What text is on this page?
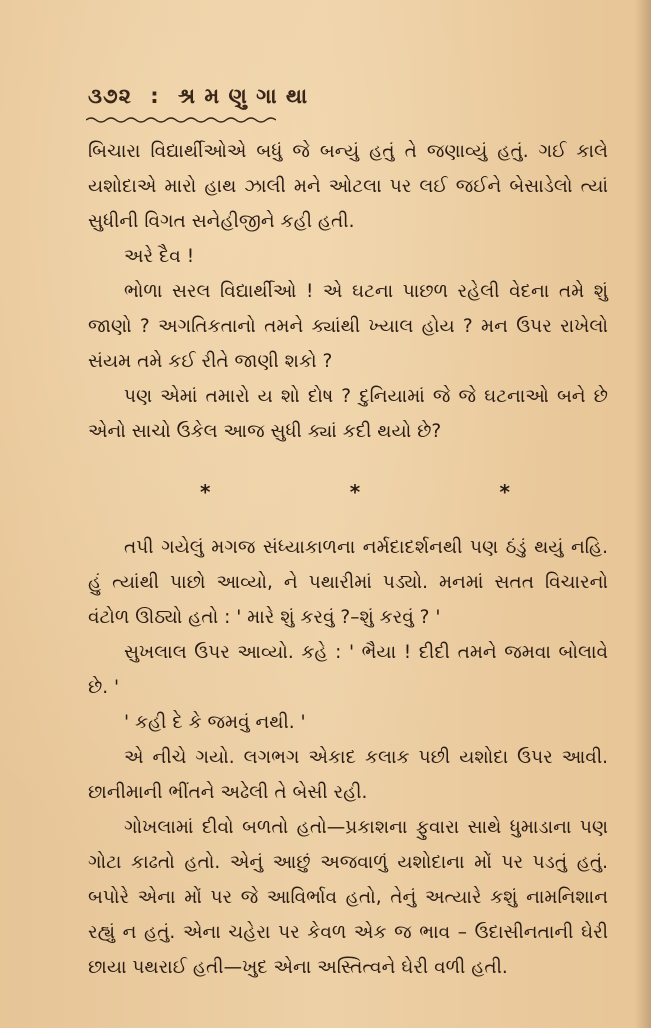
૩૭૨ : શ્ર મ ણુ ગા થા

બિચારા વિદ્યાર્થીઓએ બધું જે બન્યું હતું તે જણાવ્યું હતું. ગઈ કાલે યશોદાએ મારો હાથ ઝાલી મને ઓટલા પર લઈ જઈને બેસાડેલો ત્યાં સુધીની વિગત સનેહીજીને કહી હતી.

અરે દૈવ !

ભોળા સરલ વિદ્યાર્થીઓ ! એ ઘટના પાછળ રહેલી વેદના તમે શું જાણો ? અગતિકતાનો તમને ક્યાંથી ખ્યાલ હોય ? મન ઉપર રાખેલો સંયમ તમે કઈ રીતે જાણી શકો ?

પણ એમાં તમારો ય શો દોષ ? દુનિયામાં જે જે ઘટનાઓ બને છે એનો સાચો ઉકેલ આજ સુધી ક્યાં કદી થયો છે?

*	*	*

તપી ગયેલું મગજ સંધ્યાકાળના નર્મદાદર્શનથી પણ ઠંડું થયું નહિ. હું ત્યાંથી પાછો આવ્યો, ને પથારીમાં પડ્યો. મનમાં સતત વિચારનો વંટોળ ઊઠ્યો હતો : ' મારે શું કરવું ?–શું કરવું ? '

સુખલાલ ઉપર આવ્યો. કહે : ' ભૈયા ! દીદી તમને જમવા બોલાવે છે. '

' કહી દે કે જમવું નથી. '

એ નીચે ગયો. લગભગ એકાદ કલાક પછી યશોદા ઉપર આવી. છાનીમાની ભીંતને અઢેલી તે બેસી રહી.

ગોખલામાં દીવો બળતો હતો—પ્રકાશના ફુવારા સાથે ધુમાડાના પણ ગોટા કાઢતો હતો. એનું આછું અજવાળું યશોદાના મોં પર પડતું હતું. બપોરે એના મોં પર જે આવિર્ભાવ હતો, તેનું અત્યારે કશું નામનિશાન રહ્યું ન હતું. એના ચહેરા પર કેવળ એક જ ભાવ – ઉદાસીનતાની ઘેરી છાયા પથરાઈ હતી—ખુદ એના અસ્તિત્વને ઘેરી વળી હતી.
